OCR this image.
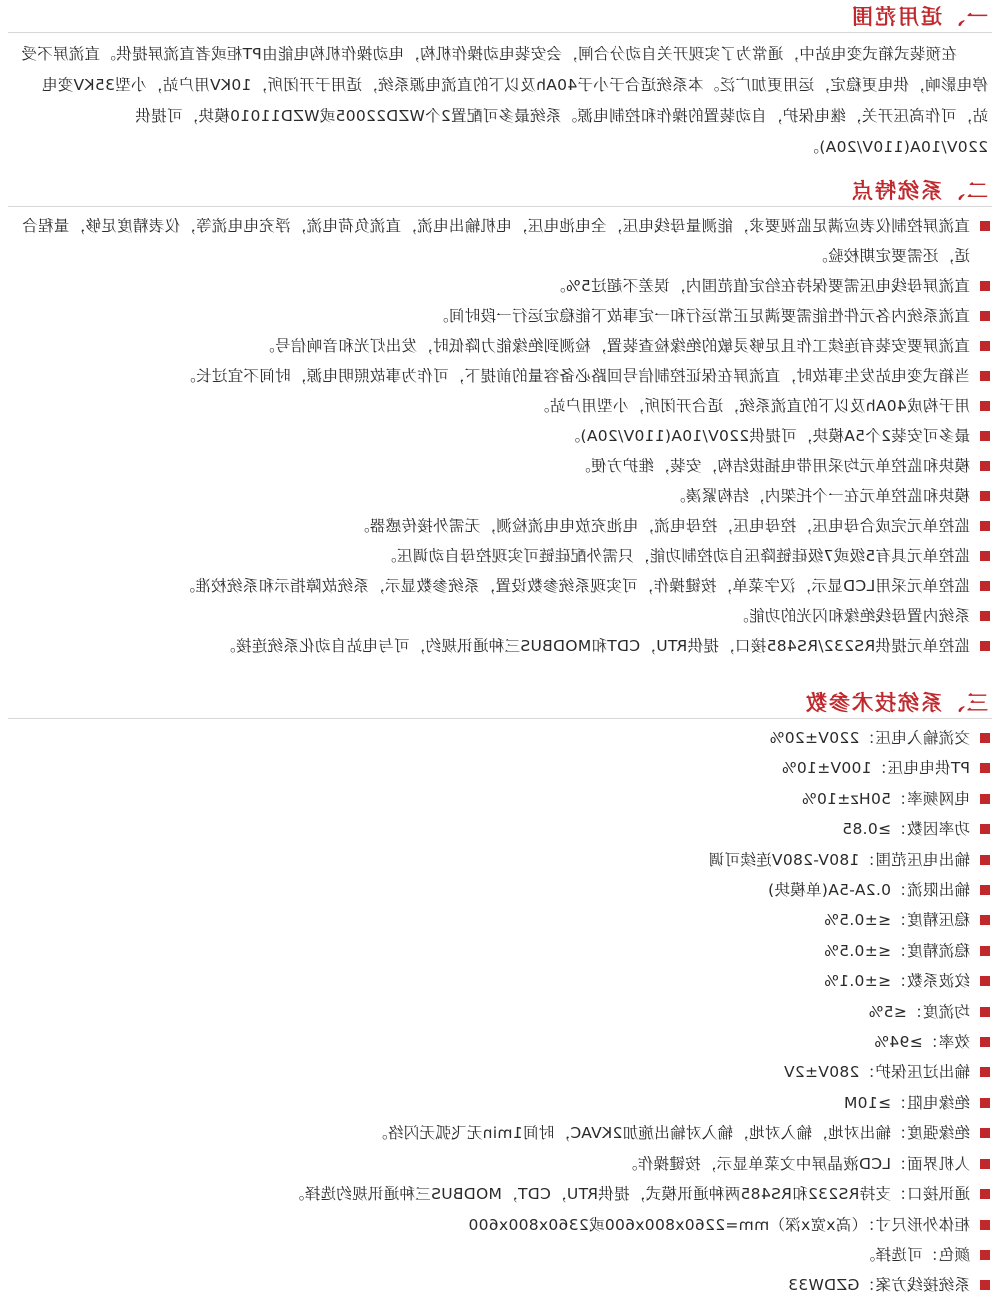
一、适用范围

在预装式箱式变电站中，通常为了实现开关自动分合闸，会安装电动操作机构，电动操作机构电能由PT柜或者直流屏提供。直流屏不受停电影响，供电更稳定，运用更加广泛。本系统适合于小于40Ah及以下的直流电源系统，适用于开闭所，10KV用户站，小型35KV变电站，可作高压开关，继电保护，自动装置的操作和控制电源。系统最多可配置2个WZD22005或WZD11010模块，可提供220V/10A(110V/20A)。

二、系统特点
直流屏控制仪表应满足监视要求，能测量母线电压，全电池电压，电机输出电流，直流负荷电流，浮充电电流等，仪表精度足够，量程合适，还需要定期校验。
直流屏母线电压需要保持在给定值范围内，误差不超过5%。
直流系统内各元件性能需要满足正常运行和一定事故下能稳定运行一段时间。
直流屏要安装有连续工作且足够灵敏的绝缘检查装置，检测到绝缘能力降低时，发出灯光和音响信号。
当箱式变电站发生事故时，直流屏在保证控制信号回路必备容量的前提下，可作为事故照明电源，时间不宜过长。
用于构成40Ah及以下的直流系统，适合开闭所，小型用户站。
最多可安装2个5A模块，可提供220V/10A(110V/20A)。
模块和监控单元均采用带电插拔结构，安装，维护方便。
模块和监控单元在一个托架内，结构紧凑。
监控单元完成合母电压，控母电压，控母电流，电池充放电电流检测，无需外接传感器。
监控单元具有5级或7级硅链降压自动控制功能，只需外配硅链可实现控母自动调压。
监控单元采用LCD显示，汉字菜单，按键操作，可实现系统参数设置，系统参数显示，系统故障指示和系统校准。
系统内置母线绝缘和闪光的功能。
监控单元提供RS232/RS485接口，提供RTU，CDT和MODBUS三种通讯规约，可与电站自动化系统连接。
三、系统技术参数
交流输入电压：220V±20%
PT供电电压：100V±10%
电网频率：50Hz±10%
功率因数：≥0.85
输出电压范围：180V-280V连续可调
输出限流：0.2A-5A(单模块)
稳压精度：≤±0.5%
稳流精度：≤±0.5%
纹波系数：≤±0.1%
均流度：≤5%
效率：≥94%
输出过压保护：280V±2V
绝缘电阻：≥10M
绝缘强度：输出对地，输入对地，输入对输出施加2KVAC，时间1min无飞弧无闪络。
人机界面：LCD液晶屏中文菜单显示，按键操作。
通讯接口：支持RS232和RS485两种通讯模式，提供RTU，CDT，MODBUS三种通讯规约选择。
柜体外形尺寸：（高x宽x深）mm=2260x800x600或2360x800x600
颜色：可选择。
系统接线方案：GZDW33
